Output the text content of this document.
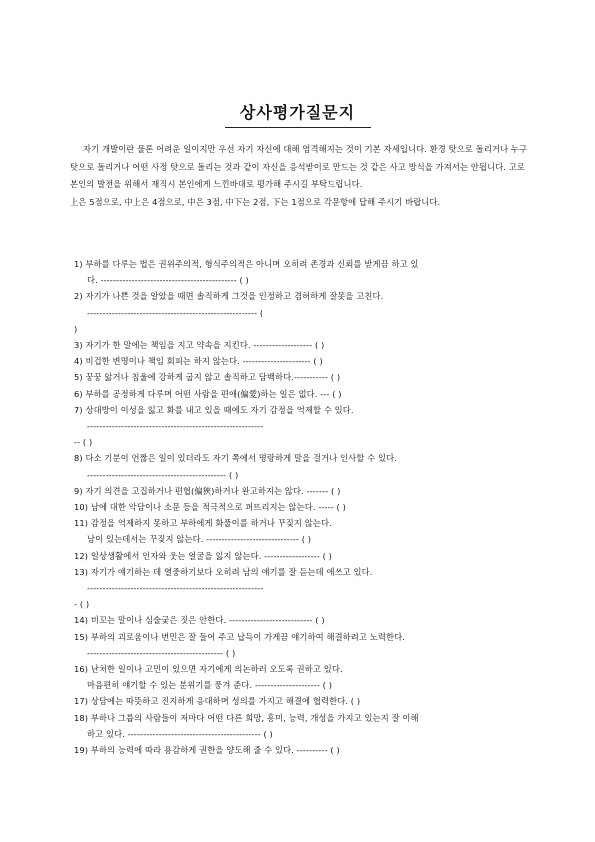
상사평가질문지

자기 개발이란 물론 어려운 일이지만 우선 자기 자신에 대해 엄격해지는 것이 기본 자세입니다. 환경 탓으로 돌리거나 누구 탓으로 돌리거나 어떤 사정 탓으로 돌리는 것과 같이 자신을 응석받이로 만드는 것 같은 사고 방식을 가져서는 안됩니다. 고로 본인의 발전을 위해서 재직시 본인에게 느낀바대로 평가해 주시길 부탁드립니다.

上은 5점으로, 中上은 4점으로, 中은 3점, 中下는 2점, 下는 1점으로 각문항에 답해 주시기 바랍니다.

1) 부하를 다루는 법은 권위주의적, 형식주의적은 아니며 오히려 존경과 신뢰를 받게끔 하고 있
다. -------------------------------------------- ( )
2) 자기가 나쁜 것을 알았을 때면 솔직하게 그것을 인정하고 겸허하게 잘못을 고친다.
------------------------------------------------------- (
)
3) 자기가 한 말에는 책임을 지고 약속을 지킨다. ------------------- ( )
4) 비겁한 변명이나 책임 회피는 하지 않는다. ---------------------- ( )
5) 꿍꿍 앓거나 침울에 강하게 굽지 않고 솔직하고 담백하다.----------- ( )
6) 부하를 공정하게 다루며 어떤 사람을 편애(偏愛)하는 일은 없다. --- ( )
7) 상대방이 이성을 잃고 화를 내고 있을 때에도 자기 감정을 억제할 수 있다.
---------------------------------------------------------
-- ( )
8) 다소 기분이 언짢은 일이 있더라도 자기 쪽에서 명랑하게 말을 걸거나 인사할 수 있다.
--------------------------------------------- ( )
9) 자기 의견을 고집하거나 편협(偏狹)하거나 완고하지는 않다. ------- ( )
10) 남에 대한 악담이나 소문 등을 적극적으로 퍼뜨리지는 않는다. ----- ( )
11) 감정을 억제하지 못하고 부하에게 화풀이를 하거나 꾸짖지 않는다.
남이 있는데서는 꾸짖지 않는다. ------------------------------ ( )
12) 일상생활에서 인자와 웃는 얼굴을 잃지 않는다. ------------------ ( )
13) 자기가 얘기하는 데 열중하기보다 오히려 남의 얘기를 잘 듣는데 애쓰고 있다.
---------------------------------------------------------
- ( )
14) 비꼬는 말이나 심술궂은 짓은 안한다. --------------------------- ( )
15) 부하의 괴로움이나 번민은 잘 들어 주고 납득이 가게끔 얘기하여 해결하려고 노력한다.
-------------------------------------------- ( )
16) 난처한 일이나 고민이 있으면 자기에게 의논하러 오도록 권하고 있다.
마음편히 얘기할 수 있는 분위기를 풍겨 준다. --------------------- ( )
17) 상담에는 따뜻하고 진지하게 응대하며 성의를 가지고 해결에 협력한다. ( )
18) 부하나 그룹의 사람들이 저마다 어떤 다른 희망, 흥미, 능력, 개성을 가지고 있는지 잘 이해
하고 있다. ------------------------------------------- ( )
19) 부하의 능력에 따라 용감하게 권한을 양도해 줄 수 있다. ---------- ( )
